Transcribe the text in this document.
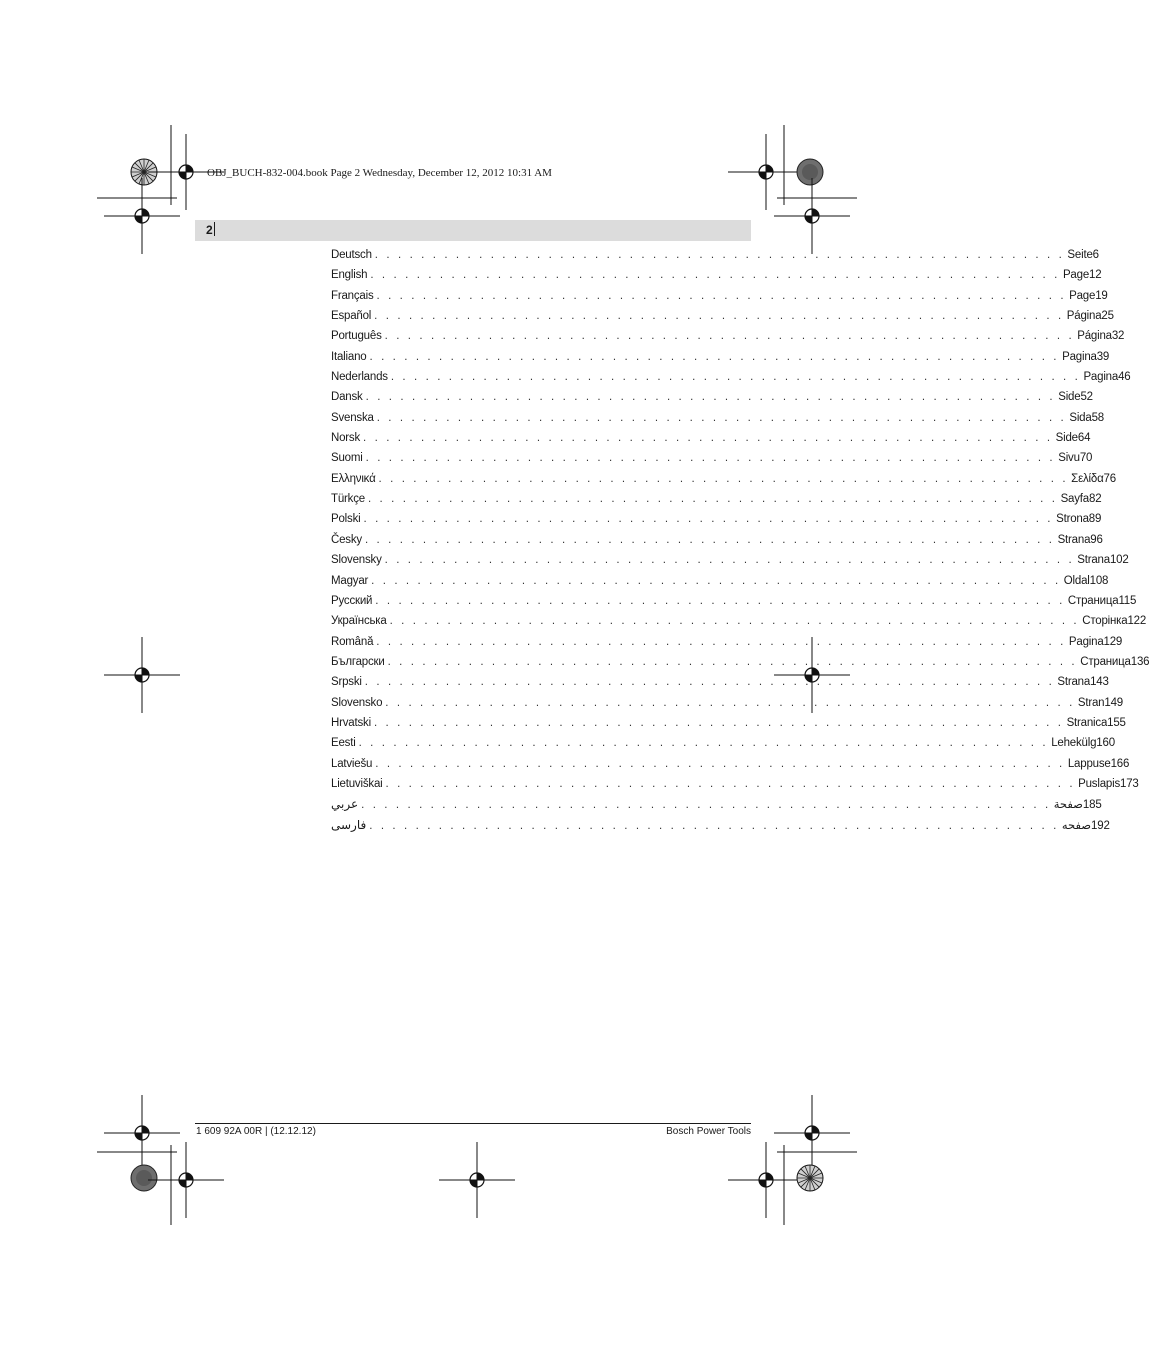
OBJ_BUCH-832-004.book Page 2 Wednesday, December 12, 2012 10:31 AM
2
Deutsch . . . . . . . . . . . . . . . . . . . . . . . . . . . . . . . . . . . . . . . . . . . . . . . . . . . . . . . . . . . . Seite 6
English . . . . . . . . . . . . . . . . . . . . . . . . . . . . . . . . . . . . . . . . . . . . . . . . . . . . . . . . . . . . Page 12
Français . . . . . . . . . . . . . . . . . . . . . . . . . . . . . . . . . . . . . . . . . . . . . . . . . . . . . . . . . . . . Page 19
Español . . . . . . . . . . . . . . . . . . . . . . . . . . . . . . . . . . . . . . . . . . . . . . . . . . . . . . . . . . . . Página 25
Português . . . . . . . . . . . . . . . . . . . . . . . . . . . . . . . . . . . . . . . . . . . . . . . . . . . . . . . . . . . . Página 32
Italiano . . . . . . . . . . . . . . . . . . . . . . . . . . . . . . . . . . . . . . . . . . . . . . . . . . . . . . . . . . . . Pagina 39
Nederlands . . . . . . . . . . . . . . . . . . . . . . . . . . . . . . . . . . . . . . . . . . . . . . . . . . . . . . . . . . . . Pagina 46
Dansk . . . . . . . . . . . . . . . . . . . . . . . . . . . . . . . . . . . . . . . . . . . . . . . . . . . . . . . . . . . . Side 52
Svenska . . . . . . . . . . . . . . . . . . . . . . . . . . . . . . . . . . . . . . . . . . . . . . . . . . . . . . . . . . . . Sida 58
Norsk . . . . . . . . . . . . . . . . . . . . . . . . . . . . . . . . . . . . . . . . . . . . . . . . . . . . . . . . . . . . Side 64
Suomi . . . . . . . . . . . . . . . . . . . . . . . . . . . . . . . . . . . . . . . . . . . . . . . . . . . . . . . . . . . . Sivu 70
Ελληνικά . . . . . . . . . . . . . . . . . . . . . . . . . . . . . . . . . . . . . . . . . . . . . . . . . . . . . . . . . . . . Σελίδα 76
Türkçe . . . . . . . . . . . . . . . . . . . . . . . . . . . . . . . . . . . . . . . . . . . . . . . . . . . . . . . . . . . . Sayfa 82
Polski . . . . . . . . . . . . . . . . . . . . . . . . . . . . . . . . . . . . . . . . . . . . . . . . . . . . . . . . . . . . Strona 89
Česky . . . . . . . . . . . . . . . . . . . . . . . . . . . . . . . . . . . . . . . . . . . . . . . . . . . . . . . . . . . . Strana 96
Slovensky . . . . . . . . . . . . . . . . . . . . . . . . . . . . . . . . . . . . . . . . . . . . . . . . . . . . . . . . . . . . Strana 102
Magyar . . . . . . . . . . . . . . . . . . . . . . . . . . . . . . . . . . . . . . . . . . . . . . . . . . . . . . . . . . . . Oldal 108
Русский . . . . . . . . . . . . . . . . . . . . . . . . . . . . . . . . . . . . . . . . . . . . . . . . . . . . . . . . . . . . Страница 115
Українська . . . . . . . . . . . . . . . . . . . . . . . . . . . . . . . . . . . . . . . . . . . . . . . . . . . . . . . . . . . . Сторінка 122
Română . . . . . . . . . . . . . . . . . . . . . . . . . . . . . . . . . . . . . . . . . . . . . . . . . . . . . . . . . . . . Pagina 129
Български . . . . . . . . . . . . . . . . . . . . . . . . . . . . . . . . . . . . . . . . . . . . . . . . . . . . . . . . . . . . Страница 136
Srpski . . . . . . . . . . . . . . . . . . . . . . . . . . . . . . . . . . . . . . . . . . . . . . . . . . . . . . . . . . . . Strana 143
Slovensko . . . . . . . . . . . . . . . . . . . . . . . . . . . . . . . . . . . . . . . . . . . . . . . . . . . . . . . . . . . . Stran 149
Hrvatski . . . . . . . . . . . . . . . . . . . . . . . . . . . . . . . . . . . . . . . . . . . . . . . . . . . . . . . . . . . . Stranica 155
Eesti . . . . . . . . . . . . . . . . . . . . . . . . . . . . . . . . . . . . . . . . . . . . . . . . . . . . . . . . . . . . Lehekülg 160
Latviešu . . . . . . . . . . . . . . . . . . . . . . . . . . . . . . . . . . . . . . . . . . . . . . . . . . . . . . . . . . . . Lappuse 166
Lietuviškai . . . . . . . . . . . . . . . . . . . . . . . . . . . . . . . . . . . . . . . . . . . . . . . . . . . . . . . . . . . . Puslapis 173
عربي . . . . . . . . . . . . . . . . . . . . . . . . . . . . . . . . . . . . . . . . . . . . . . . . . . . . . . . . . . . . صفحة 185
فارسی . . . . . . . . . . . . . . . . . . . . . . . . . . . . . . . . . . . . . . . . . . . . . . . . . . . . . . . . . . . . صفحه 192
1 609 92A 00R | (12.12.12)	Bosch Power Tools
